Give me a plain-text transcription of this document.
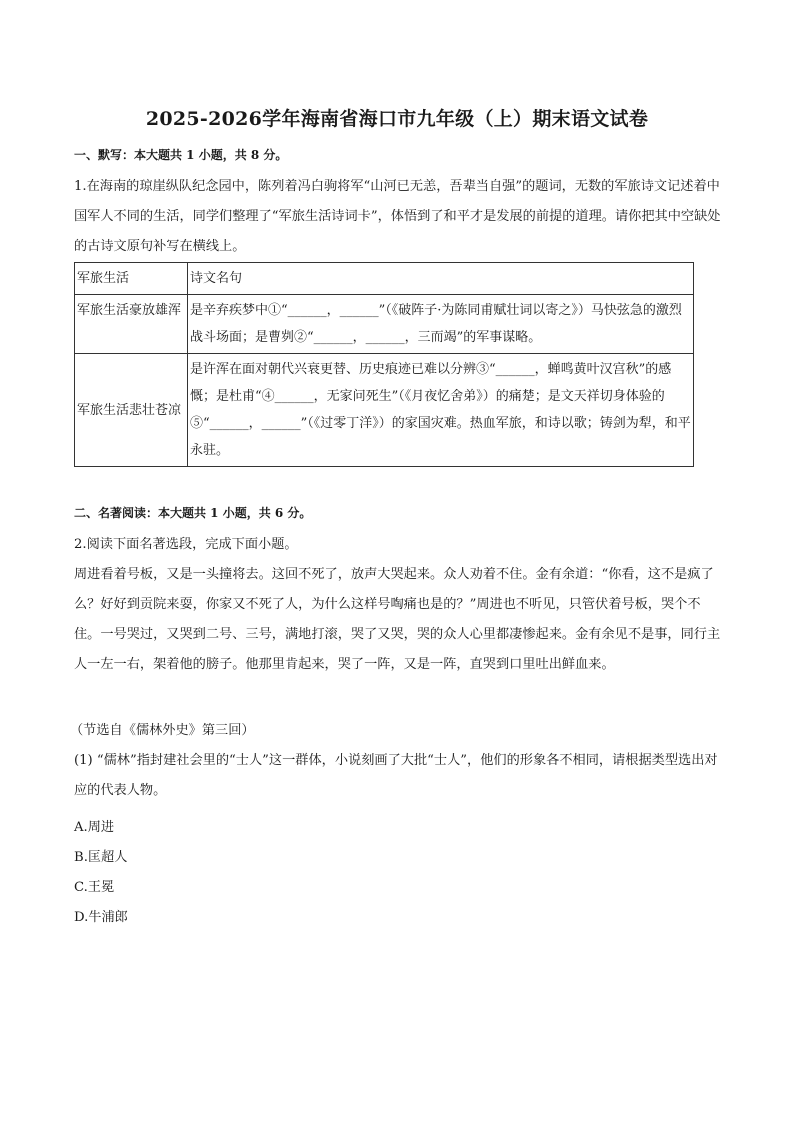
2025-2026学年海南省海口市九年级（上）期末语文试卷
一、默写：本大题共 1 小题，共 8 分。
1.在海南的琼崖纵队纪念园中，陈列着冯白驹将军“山河已无恙，吾辈当自强”的题词，无数的军旅诗文记述着中国军人不同的生活，同学们整理了“军旅生活诗词卡”，体悟到了和平才是发展的前提的道理。请你把其中空缺处的古诗文原句补写在横线上。
军旅生活	诗文名句
军旅生活豪放雄浑	是辛弃疾梦中①“______，______”（《破阵子·为陈同甫赋壮词以寄之》）马快弦急的激烈战斗场面；是曹刿②“______，______，三而竭”的军事谋略。
军旅生活悲壮苍凉	是许浑在面对朝代兴衰更替、历史痕迹已难以分辨③“______，蝉鸣黄叶汉宫秋”的感慨；是杜甫“④______，无家问死生”（《月夜忆舍弟》）的痛楚；是文天祥切身体验的⑤“______，______”（《过零丁洋》）的家国灾难。热血军旅，和诗以歌；铸剑为犁，和平永驻。
二、名著阅读：本大题共 1 小题，共 6 分。
2.阅读下面名著选段，完成下面小题。
周进看着号板，又是一头撞将去。这回不死了，放声大哭起来。众人劝着不住。金有余道：“你看，这不是疯了么？好好到贡院来耍，你家又不死了人，为什么这样号啕痛也是的？”周进也不听见，只管伏着号板，哭个不住。一号哭过，又哭到二号、三号，满地打滚，哭了又哭，哭的众人心里都凄惨起来。金有余见不是事，同行主人一左一右，架着他的膀子。他那里肯起来，哭了一阵，又是一阵，直哭到口里吐出鲜血来。
（节选自《儒林外史》第三回）
(1) “儒林”指封建社会里的“士人”这一群体，小说刻画了大批“士人”，他们的形象各不相同，请根据类型选出对应的代表人物。
A.周进
B.匡超人
C.王冕
D.牛浦郎
